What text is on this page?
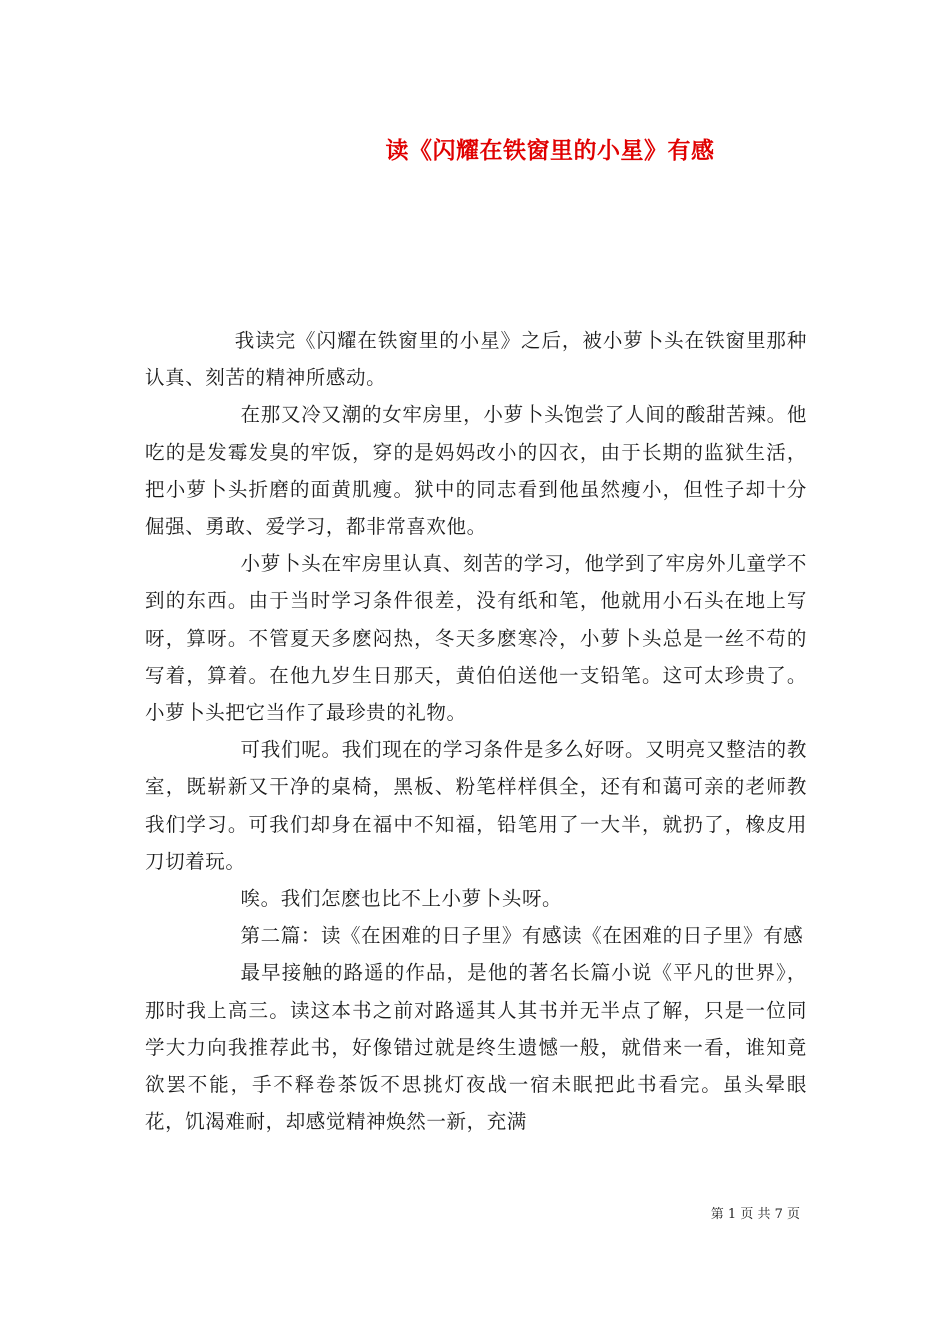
读《闪耀在铁窗里的小星》有感

我读完《闪耀在铁窗里的小星》之后，被小萝卜头在铁窗里那种认真、刻苦的精神所感动。

在那又冷又潮的女牢房里，小萝卜头饱尝了人间的酸甜苦辣。他吃的是发霉发臭的牢饭，穿的是妈妈改小的囚衣，由于长期的监狱生活，把小萝卜头折磨的面黄肌瘦。狱中的同志看到他虽然瘦小，但性子却十分倔强、勇敢、爱学习，都非常喜欢他。

小萝卜头在牢房里认真、刻苦的学习，他学到了牢房外儿童学不到的东西。由于当时学习条件很差，没有纸和笔，他就用小石头在地上写呀，算呀。不管夏天多麽闷热，冬天多麽寒冷，小萝卜头总是一丝不苟的写着，算着。在他九岁生日那天，黄伯伯送他一支铅笔。这可太珍贵了。小萝卜头把它当作了最珍贵的礼物。

可我们呢。我们现在的学习条件是多么好呀。又明亮又整洁的教室，既崭新又干净的桌椅，黑板、粉笔样样俱全，还有和蔼可亲的老师教我们学习。可我们却身在福中不知福，铅笔用了一大半，就扔了，橡皮用刀切着玩。

唉。我们怎麽也比不上小萝卜头呀。

第二篇：读《在困难的日子里》有感读《在困难的日子里》有感

最早接触的路遥的作品，是他的著名长篇小说《平凡的世界》，那时我上高三。读这本书之前对路遥其人其书并无半点了解，只是一位同学大力向我推荐此书，好像错过就是终生遗憾一般，就借来一看，谁知竟欲罢不能，手不释卷茶饭不思挑灯夜战一宿未眠把此书看完。虽头晕眼花，饥渴难耐，却感觉精神焕然一新，充满

第 1 页 共 7 页
